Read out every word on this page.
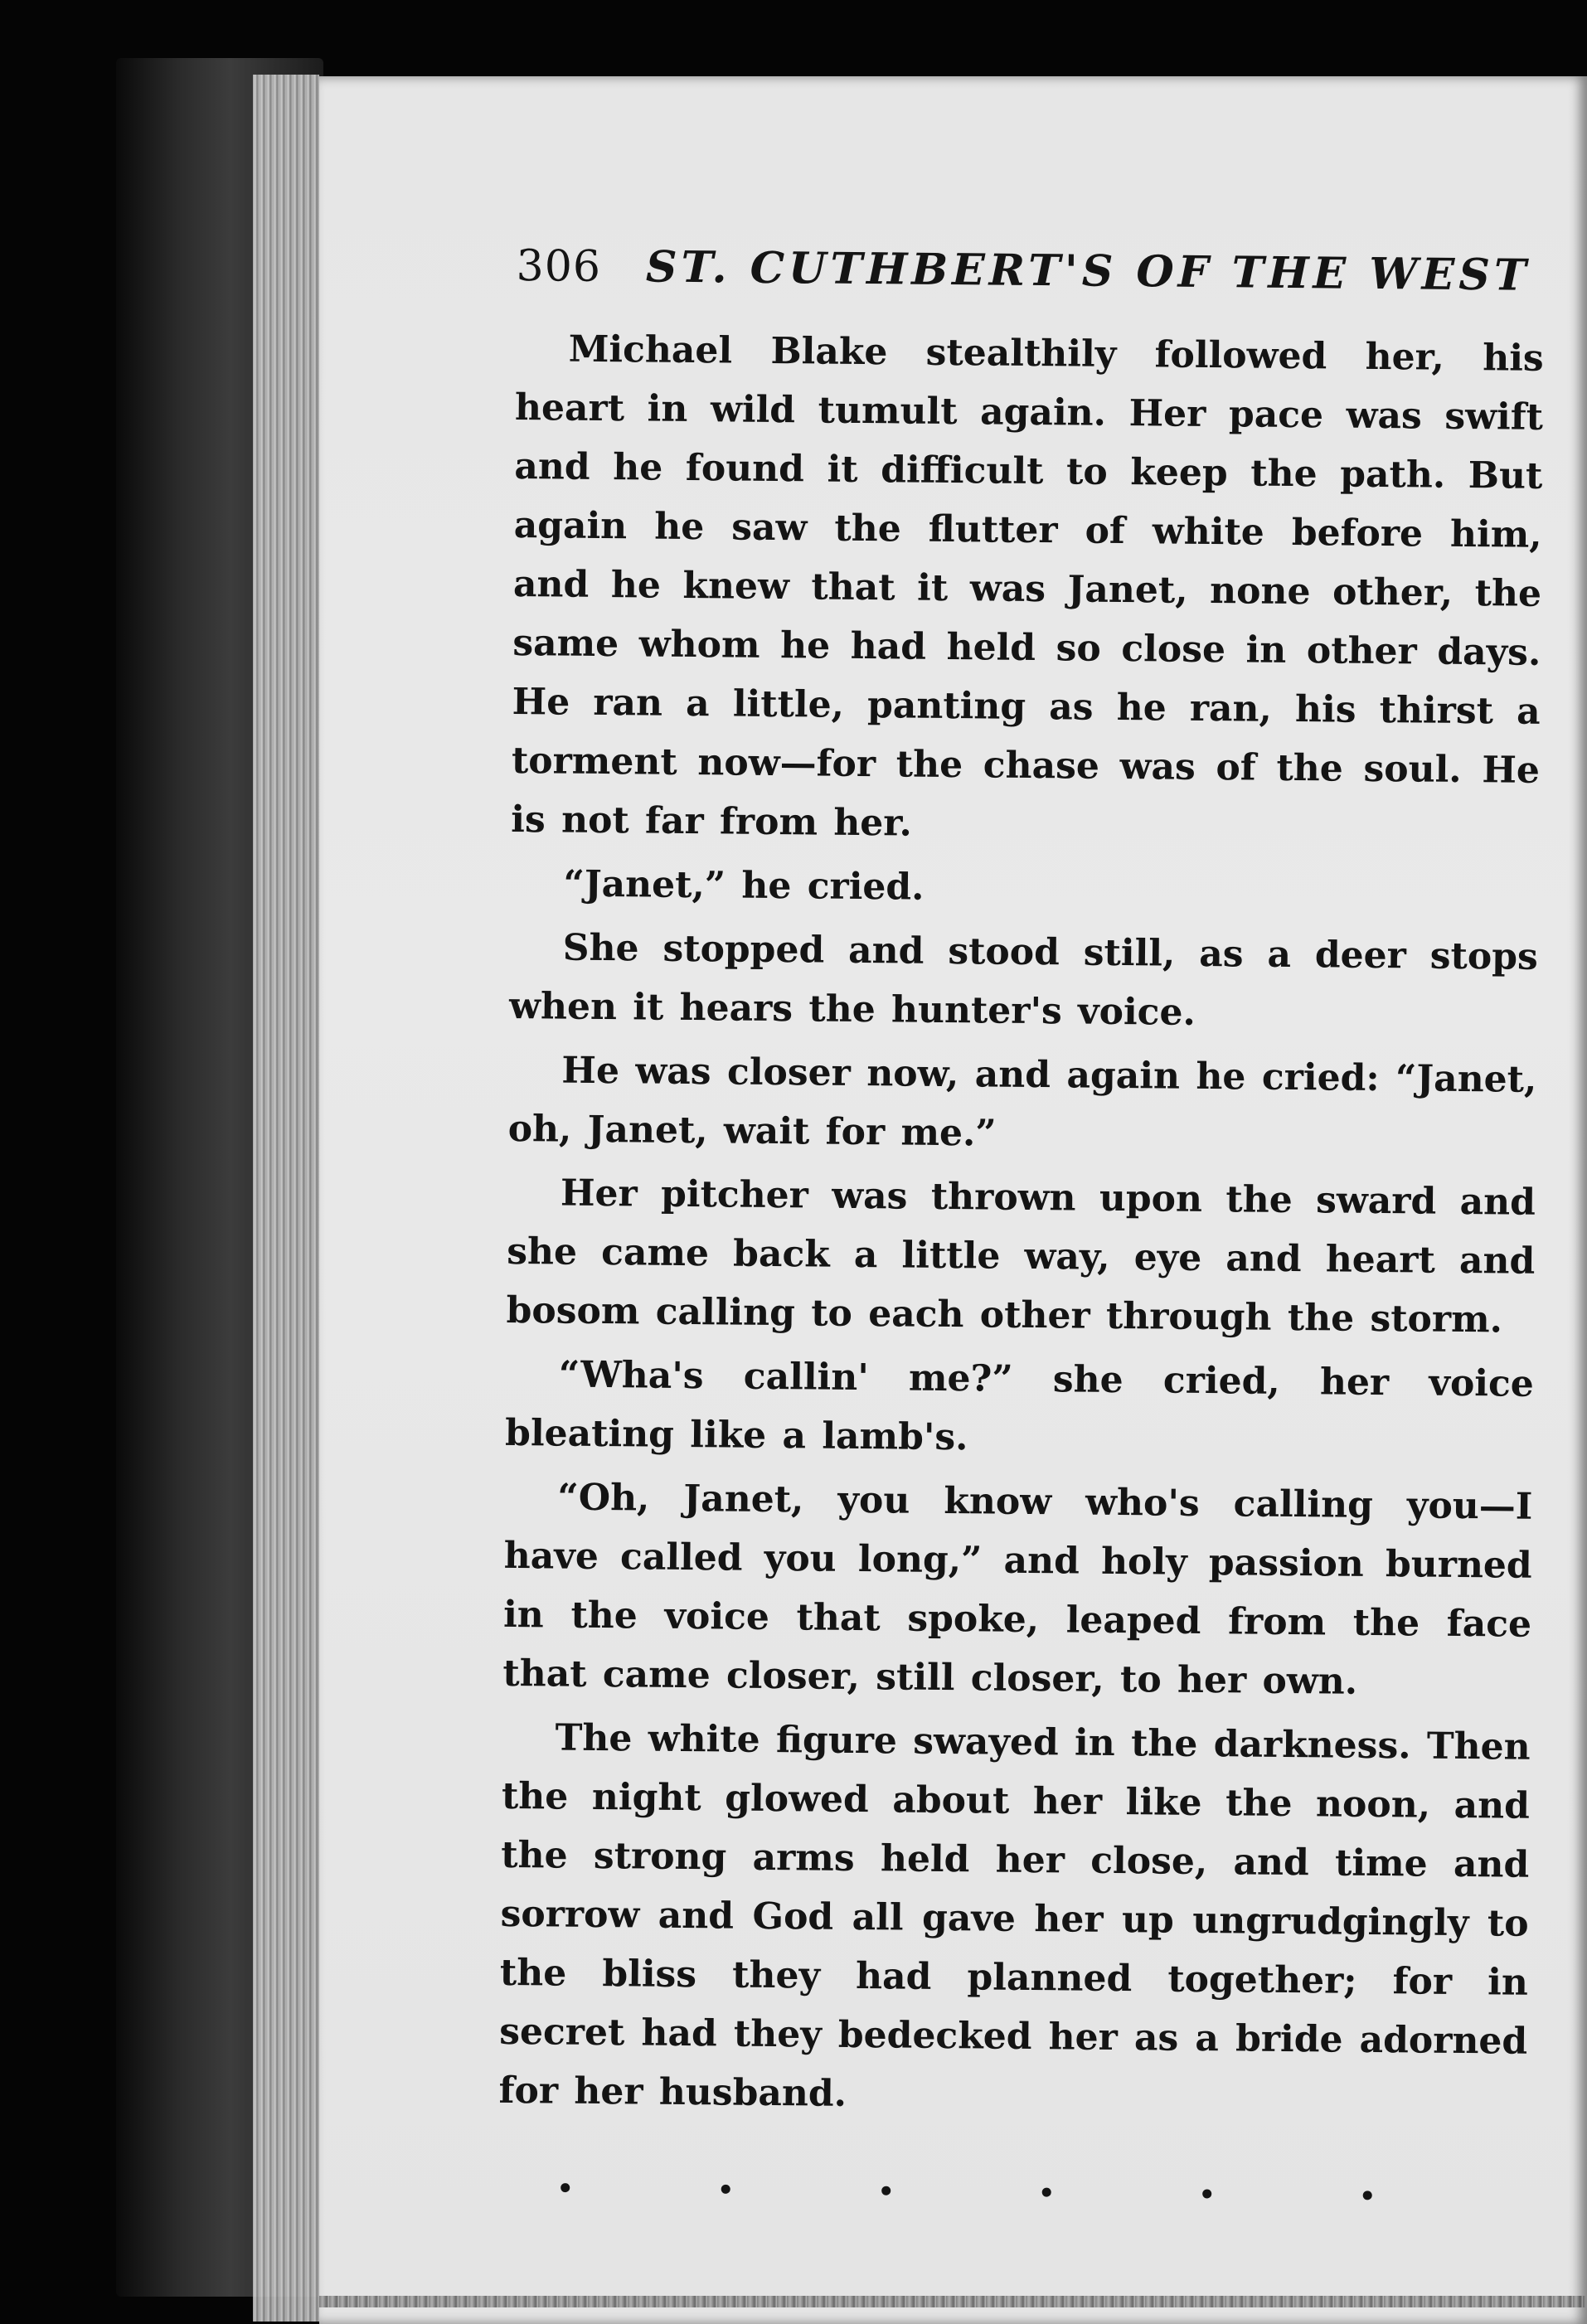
306 ST. CUTHBERT'S OF THE WEST

Michael Blake stealthily followed her, his heart in wild tumult again. Her pace was swift and he found it difficult to keep the path. But again he saw the flutter of white before him, and he knew that it was Janet, none other, the same whom he had held so close in other days. He ran a little, panting as he ran, his thirst a torment now—for the chase was of the soul. He is not far from her.

“Janet,” he cried.

She stopped and stood still, as a deer stops when it hears the hunter's voice.

He was closer now, and again he cried: “Janet, oh, Janet, wait for me.”

Her pitcher was thrown upon the sward and she came back a little way, eye and heart and bosom calling to each other through the storm.

“Wha's callin' me?” she cried, her voice bleating like a lamb's.

“Oh, Janet, you know who's calling you—I have called you long,” and holy passion burned in the voice that spoke, leaped from the face that came closer, still closer, to her own.

The white figure swayed in the darkness. Then the night glowed about her like the noon, and the strong arms held her close, and time and sorrow and God all gave her up ungrudgingly to the bliss they had planned together; for in secret had they bedecked her as a bride adorned for her husband.

•	•	•	•	•	•
